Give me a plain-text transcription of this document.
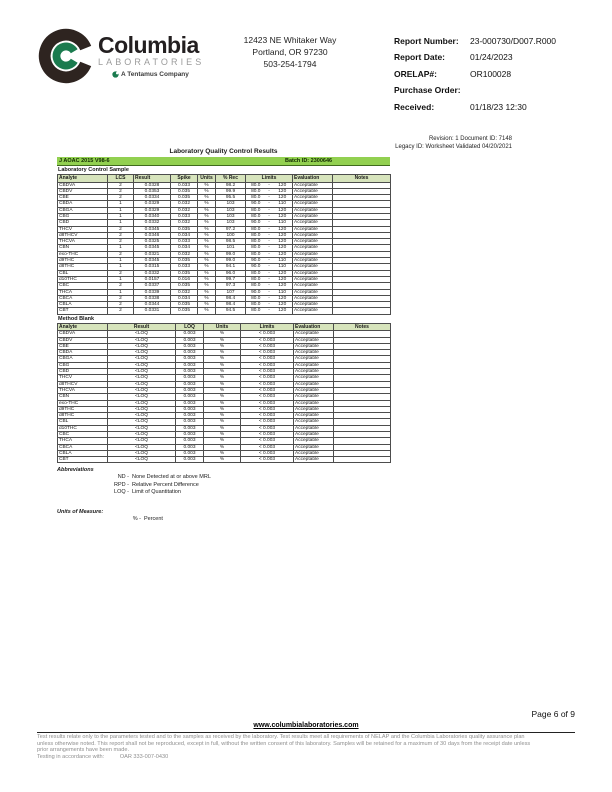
Columbia
LABORATORIES
A Tentamus Company
12423 NE Whitaker Way
Portland, OR 97230
503-254-1794
Report Number:	23-000730/D007.R000
Report Date:	01/24/2023
ORELAP#:	OR100028
Purchase Order:
Received:	01/18/23 12:30
Revision: 1 Document ID: 7148
Legacy ID: Worksheet Validated 04/20/2021
Laboratory Quality Control Results
J AOAC 2015 V98-6	Batch ID: 2300646
Laboratory Control Sample
Analyte	LCS	Result	Spike	Units	% Rec	Limits			Evaluation	Notes
CBDVA	2	0.0328	0.033	%	98.2	80.0	-	120	Acceptable	
CBDV	2	0.0353	0.035	%	99.9	80.0	-	120	Acceptable	
CBE	2	0.0334	0.035	%	95.5	80.0	-	120	Acceptable	
CBDA	1	0.0329	0.032	%	103	90.0	-	110	Acceptable	
CBGA	1	0.0329	0.032	%	103	80.0	-	120	Acceptable	
CBG	1	0.0340	0.033	%	103	80.0	-	120	Acceptable	
CBD	1	0.0332	0.032	%	103	90.0	-	110	Acceptable	
THCV	2	0.0345	0.035	%	97.2	80.0	-	120	Acceptable	
d8THCV	2	0.0346	0.034	%	100	80.0	-	120	Acceptable	
THCVA	2	0.0325	0.033	%	98.5	80.0	-	120	Acceptable	
CBN	1	0.0345	0.034	%	101	80.0	-	120	Acceptable	
exo-THC	2	0.0321	0.032	%	99.0	80.0	-	120	Acceptable	
d9THC	1	0.0345	0.035	%	99.0	90.0	-	110	Acceptable	
d8THC	1	0.0315	0.033	%	94.1	90.0	-	110	Acceptable	
CBL	2	0.0332	0.035	%	96.0	80.0	-	120	Acceptable	
d10THC	1	0.0157	0.016	%	99.7	80.0	-	120	Acceptable	
CBC	2	0.0337	0.035	%	97.3	80.0	-	120	Acceptable	
THCA	1	0.0339	0.032	%	107	90.0	-	110	Acceptable	
CBCA	2	0.0338	0.034	%	98.4	80.0	-	120	Acceptable	
CBLA	2	0.0344	0.035	%	98.4	80.0	-	120	Acceptable	
CBT	2	0.0331	0.035	%	94.5	80.0	-	120	Acceptable	
Method Blank
Analyte	Result	LOQ	Units	Limits	Evaluation	Notes
CBDVA	<LOQ	0.003	%	< 0.003	Acceptable	
CBDV	<LOQ	0.003	%	< 0.003	Acceptable	
CBE	<LOQ	0.003	%	< 0.003	Acceptable	
CBDA	<LOQ	0.003	%	< 0.003	Acceptable	
CBGA	<LOQ	0.003	%	< 0.003	Acceptable	
CBG	<LOQ	0.003	%	< 0.003	Acceptable	
CBD	<LOQ	0.003	%	< 0.003	Acceptable	
THCV	<LOQ	0.003	%	< 0.003	Acceptable	
d8THCV	<LOQ	0.003	%	< 0.003	Acceptable	
THCVA	<LOQ	0.003	%	< 0.003	Acceptable	
CBN	<LOQ	0.003	%	< 0.003	Acceptable	
exo-THC	<LOQ	0.003	%	< 0.003	Acceptable	
d9THC	<LOQ	0.003	%	< 0.003	Acceptable	
d8THC	<LOQ	0.003	%	< 0.003	Acceptable	
CBL	<LOQ	0.003	%	< 0.003	Acceptable	
d10THC	<LOQ	0.003	%	< 0.003	Acceptable	
CBC	<LOQ	0.003	%	< 0.003	Acceptable	
THCA	<LOQ	0.003	%	< 0.003	Acceptable	
CBCA	<LOQ	0.003	%	< 0.003	Acceptable	
CBLA	<LOQ	0.003	%	< 0.003	Acceptable	
CBT	<LOQ	0.003	%	< 0.003	Acceptable	
Abbreviations
ND - None Detected at or above MRL
RPD - Relative Percent Difference
LOQ - Limit of Quantitation
Units of Measure:
% - Percent
Page 6 of 9
www.columbialaboratories.com
Test results relate only to the parameters tested and to the samples as received by the laboratory. Test results meet all requirements of NELAP and the Columbia Laboratories quality assurance plan
unless otherwise noted. This report shall not be reproduced, except in full, without the written consent of this laboratory. Samples will be retained for a maximum of 30 days from the receipt date unless
prior arrangements have been made.
Testing in accordance with:	OAR 333-007-0430
